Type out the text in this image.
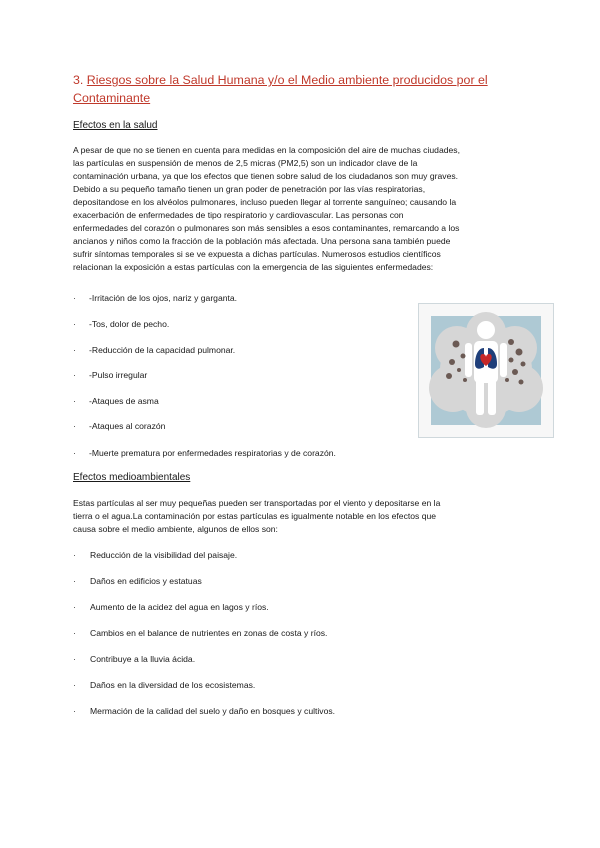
3. Riesgos sobre la Salud Humana y/o el Medio ambiente producidos por el Contaminante
Efectos en la salud
A pesar de que no se tienen en cuenta para medidas en la composición del aire de muchas ciudades,
las partículas en suspensión de menos de 2,5 micras (PM2,5) son un indicador clave de la
contaminación urbana, ya que los efectos que tienen sobre salud de los ciudadanos son muy graves.
Debido a su pequeño tamaño tienen un gran poder de penetración por las vías respiratorias,
depositandose en los alvéolos pulmonares, incluso pueden llegar al torrente sanguíneo; causando la
exacerbación de enfermedades de tipo respiratorio y cardiovascular. Las personas con
enfermedades del corazón o pulmonares son más sensibles a esos contaminantes, remarcando a los
ancianos y niños como la fracción de la población más afectada. Una persona sana también puede
sufrir síntomas temporales si se ve expuesta a dichas partículas. Numerosos estudios científicos
relacionan la exposición a estas partículas con la emergencia de las siguientes enfermedades:
· -Irritación de los ojos, nariz y garganta.
· -Tos, dolor de pecho.
· -Reducción de la capacidad pulmonar.
· -Pulso irregular
· -Ataques de asma
· -Ataques al corazón
· -Muerte prematura por enfermedades respiratorias y de corazón.
Efectos medioambientales
Estas partículas al ser muy pequeñas pueden ser transportadas por el viento y depositarse en la
tierra o el agua.La contaminación por estas partículas es igualmente notable en los efectos que
causa sobre el medio ambiente, algunos de ellos son:
· Reducción de la visibilidad del paisaje.
· Daños en edificios y estatuas
· Aumento de la acidez del agua en lagos y ríos.
· Cambios en el balance de nutrientes en zonas de costa y ríos.
· Contribuye a la lluvia ácida.
· Daños en la diversidad de los ecosistemas.
· Mermación de la calidad del suelo y daño en bosques y cultivos.
